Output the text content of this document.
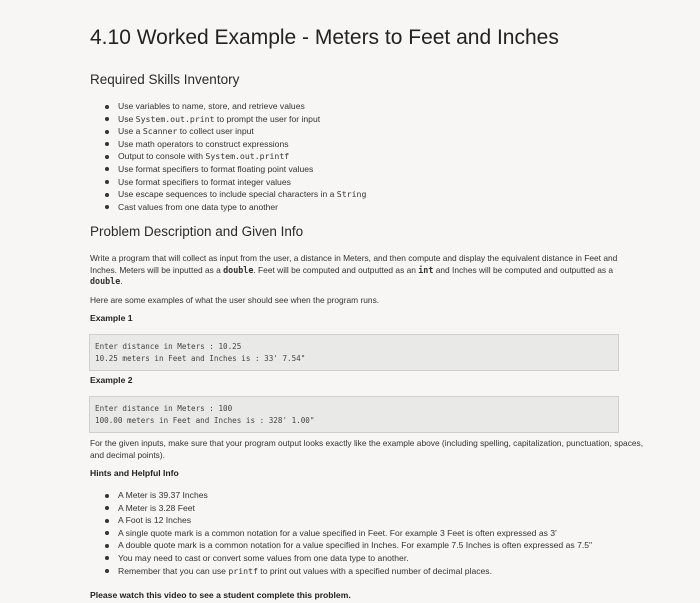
4.10 Worked Example - Meters to Feet and Inches
Required Skills Inventory
Use variables to name, store, and retrieve values
Use System.out.print to prompt the user for input
Use a Scanner to collect user input
Use math operators to construct expressions
Output to console with System.out.printf
Use format specifiers to format floating point values
Use format specifiers to format integer values
Use escape sequences to include special characters in a String
Cast values from one data type to another
Problem Description and Given Info

Write a program that will collect as input from the user, a distance in Meters, and then compute and display the equivalent distance in Feet and Inches. Meters will be inputted as a double. Feet will be computed and outputted as an int and Inches will be computed and outputted as a double.

Here are some examples of what the user should see when the program runs.

Example 1

Enter distance in Meters : 10.25
10.25 meters in Feet and Inches is : 33' 7.54"

Example 2

Enter distance in Meters : 100
100.00 meters in Feet and Inches is : 328' 1.00"

For the given inputs, make sure that your program output looks exactly like the example above (including spelling, capitalization, punctuation, spaces, and decimal points).

Hints and Helpful Info

A Meter is 39.37 Inches
A Meter is 3.28 Feet
A Foot is 12 Inches
A single quote mark is a common notation for a value specified in Feet. For example 3 Feet is often expressed as 3'
A double quote mark is a common notation for a value specified in Inches. For example 7.5 Inches is often expressed as 7.5"
You may need to cast or convert some values from one data type to another.
Remember that you can use printf to print out values with a specified number of decimal places.

Please watch this video to see a student complete this problem.
